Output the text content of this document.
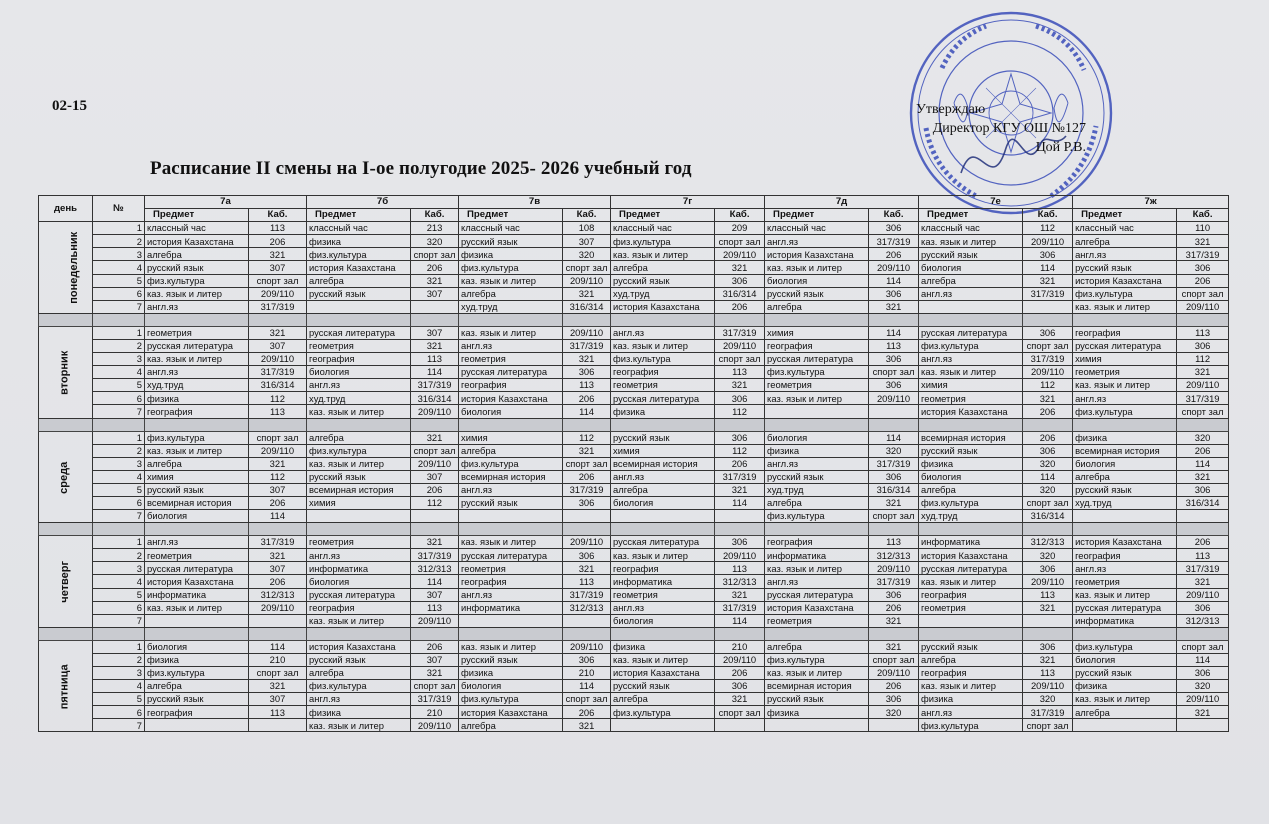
02-15	Утверждаю
Директор КГУ ОШ №127
Цой Р.В.
Расписание II смены на I-ое полугодие 2025- 2026 учебный год
день	№	7а		7б		7в		7г		7д		7е		7ж	
		Предмет	Каб.	Предмет	Каб.	Предмет	Каб.	Предмет	Каб.	Предмет	Каб.	Предмет	Каб.	Предмет	Каб.
понедельник	1	классный час	113	классный час	213	классный час	108	классный час	209	классный час	306	классный час	112	классный час	110
	2	история Казахстана	206	физика	320	русский язык	307	физ.культура	спорт зал	англ.яз	317/319	каз. язык и литер	209/110	алгебра	321
	3	алгебра	321	физ.культура	спорт зал	физика	320	каз. язык и литер	209/110	история Казахстана	206	русский язык	306	англ.яз	317/319
	4	русский язык	307	история Казахстана	206	физ.культура	спорт зал	алгебра	321	каз. язык и литер	209/110	биология	114	русский язык	306
	5	физ.культура	спорт зал	алгебра	321	каз. язык и литер	209/110	русский язык	306	биология	114	алгебра	321	история Казахстана	206
	6	каз. язык и литер	209/110	русский язык	307	алгебра	321	худ.труд	316/314	русский язык	306	англ.яз	317/319	физ.культура	спорт зал
	7	англ.яз	317/319			худ.труд	316/314	история Казахстана	206	алгебра	321			каз. язык и литер	209/110

вторник	1	геометрия	321	русская литература	307	каз. язык и литер	209/110	англ.яз	317/319	химия	114	русская литература	306	география	113
	2	русская литература	307	геометрия	321	англ.яз	317/319	каз. язык и литер	209/110	география	113	физ.культура	спорт зал	русская литература	306
	3	каз. язык и литер	209/110	география	113	геометрия	321	физ.культура	спорт зал	русская литература	306	англ.яз	317/319	химия	112
	4	англ.яз	317/319	биология	114	русская литература	306	география	113	физ.культура	спорт зал	каз. язык и литер	209/110	геометрия	321
	5	худ.труд	316/314	англ.яз	317/319	география	113	геометрия	321	геометрия	306	химия	112	каз. язык и литер	209/110
	6	физика	112	худ.труд	316/314	история Казахстана	206	русская литература	306	каз. язык и литер	209/110	геометрия	321	англ.яз	317/319
	7	география	113	каз. язык и литер	209/110	биология	114	физика	112			история Казахстана	206	физ.культура	спорт зал

среда	1	физ.культура	спорт зал	алгебра	321	химия	112	русский язык	306	биология	114	всемирная история	206	физика	320
	2	каз. язык и литер	209/110	физ.культура	спорт зал	алгебра	321	химия	112	физика	320	русский язык	306	всемирная история	206
	3	алгебра	321	каз. язык и литер	209/110	физ.культура	спорт зал	всемирная история	206	англ.яз	317/319	физика	320	биология	114
	4	химия	112	русский язык	307	всемирная история	206	англ.яз	317/319	русский язык	306	биология	114	алгебра	321
	5	русский язык	307	всемирная история	206	англ.яз	317/319	алгебра	321	худ.труд	316/314	алгебра	320	русский язык	306
	6	всемирная история	206	химия	112	русский язык	306	биология	114	алгебра	321	физ.культура	спорт зал	худ.труд	316/314
	7	биология	114							физ.культура	спорт зал	худ.труд	316/314		

четверг	1	англ.яз	317/319	геометрия	321	каз. язык и литер	209/110	русская литература	306	география	113	информатика	312/313	история Казахстана	206
	2	геометрия	321	англ.яз	317/319	русская литература	306	каз. язык и литер	209/110	информатика	312/313	история Казахстана	320	география	113
	3	русская литература	307	информатика	312/313	геометрия	321	география	113	каз. язык и литер	209/110	русская литература	306	англ.яз	317/319
	4	история Казахстана	206	биология	114	география	113	информатика	312/313	англ.яз	317/319	каз. язык и литер	209/110	геометрия	321
	5	информатика	312/313	русская литература	307	англ.яз	317/319	геометрия	321	русская литература	306	география	113	каз. язык и литер	209/110
	6	каз. язык и литер	209/110	география	113	информатика	312/313	англ.яз	317/319	история Казахстана	206	геометрия	321	русская литература	306
	7			каз. язык и литер	209/110			биология	114	геометрия	321			информатика	312/313

пятница	1	биология	114	история Казахстана	206	каз. язык и литер	209/110	физика	210	алгебра	321	русский язык	306	физ.культура	спорт зал
	2	физика	210	русский язык	307	русский язык	306	каз. язык и литер	209/110	физ.культура	спорт зал	алгебра	321	биология	114
	3	физ.культура	спорт зал	алгебра	321	физика	210	история Казахстана	206	каз. язык и литер	209/110	география	113	русский язык	306
	4	алгебра	321	физ.культура	спорт зал	биология	114	русский язык	306	всемирная история	206	каз. язык и литер	209/110	физика	320
	5	русский язык	307	англ.яз	317/319	физ.культура	спорт зал	алгебра	321	русский язык	306	физика	320	каз. язык и литер	209/110
	6	география	113	физика	210	история Казахстана	206	физ.культура	спорт зал	физика	320	англ.яз	317/319	алгебра	321
	7			каз. язык и литер	209/110	алгебра	321					физ.культура	спорт зал		
